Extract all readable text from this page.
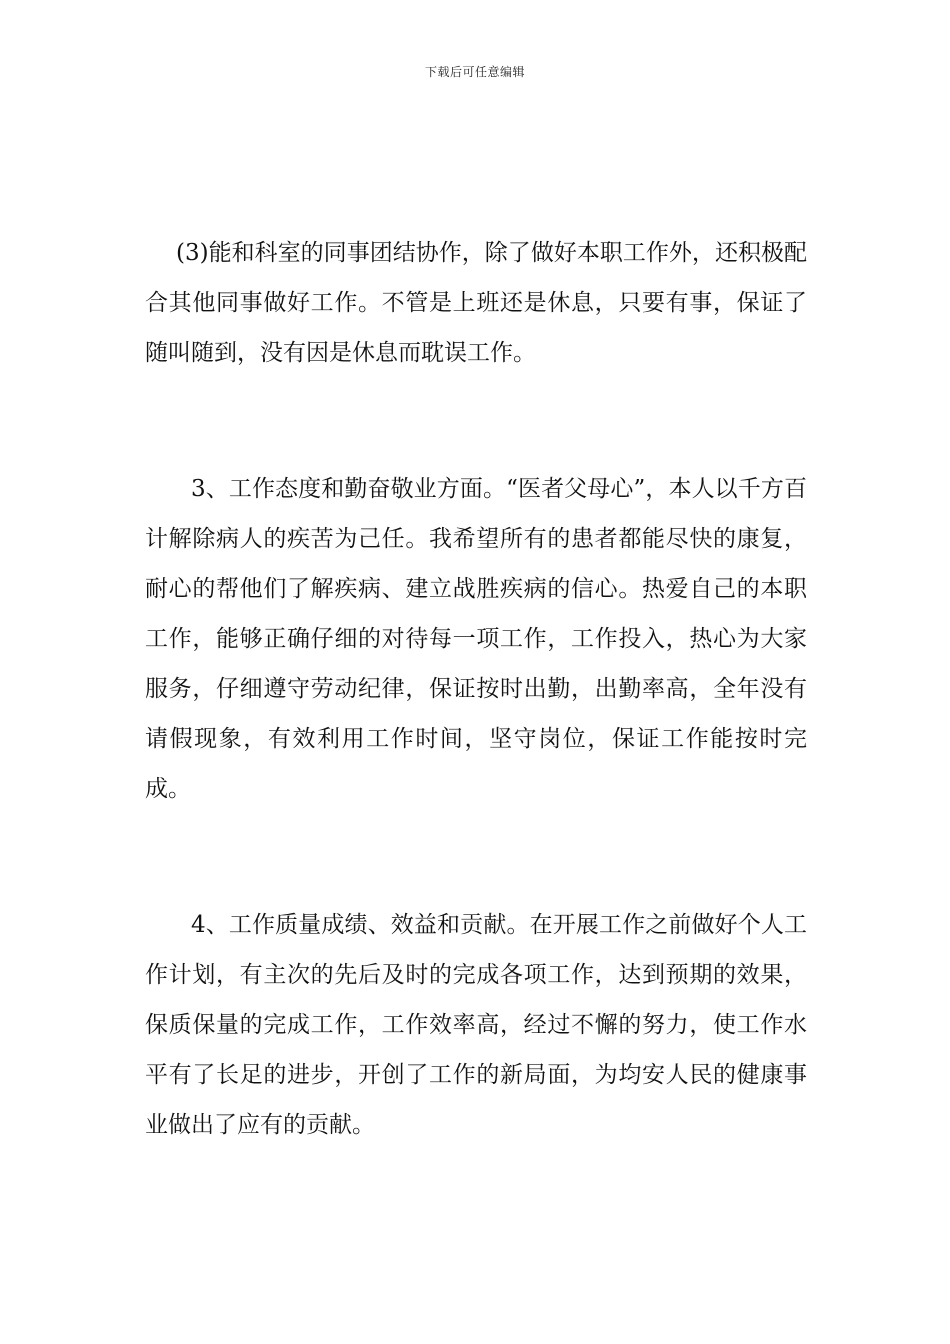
下载后可任意编辑

(3)能和科室的同事团结协作，除了做好本职工作外，还积极配合其他同事做好工作。不管是上班还是休息，只要有事，保证了随叫随到，没有因是休息而耽误工作。

3、工作态度和勤奋敬业方面。“医者父母心”，本人以千方百计解除病人的疾苦为己任。我希望所有的患者都能尽快的康复，耐心的帮他们了解疾病、建立战胜疾病的信心。热爱自己的本职工作，能够正确仔细的对待每一项工作，工作投入，热心为大家服务，仔细遵守劳动纪律，保证按时出勤，出勤率高，全年没有请假现象，有效利用工作时间，坚守岗位，保证工作能按时完成。

4、工作质量成绩、效益和贡献。在开展工作之前做好个人工作计划，有主次的先后及时的完成各项工作，达到预期的效果，保质保量的完成工作，工作效率高，经过不懈的努力，使工作水平有了长足的进步，开创了工作的新局面，为均安人民的健康事业做出了应有的贡献。
